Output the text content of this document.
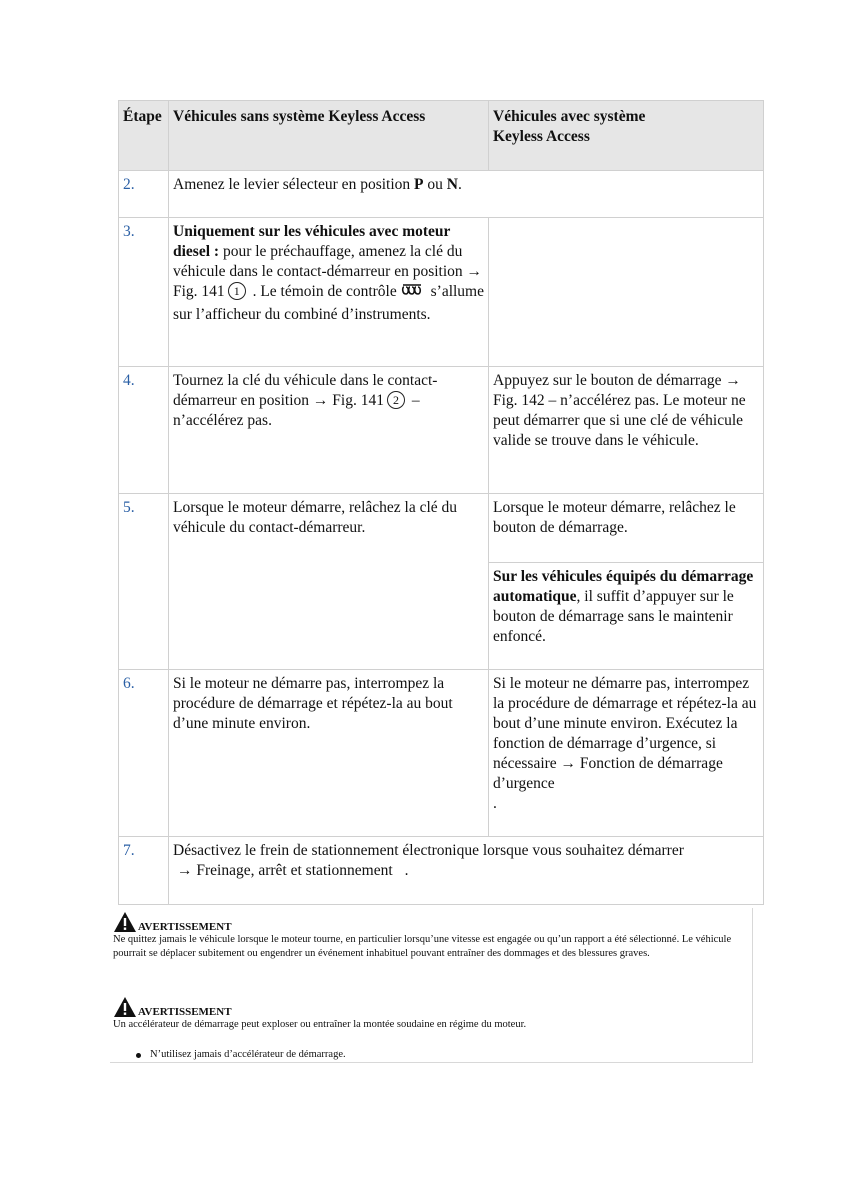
Étape	Véhicules sans système Keyless Access	Véhicules avec système
Keyless Access
2.	Amenez le levier sélecteur en position P ou N.	
3.	Uniquement sur les véhicules avec moteur diesel : pour le préchauffage, amenez la clé du véhicule dans le contact-démarreur en position → Fig. 141 1 . Le témoin de contrôle s’allume sur l’afficheur du combiné d’instruments.	
4.	Tournez la clé du véhicule dans le contact-démarreur en position → Fig. 141 2 – n’accélérez pas.	Appuyez sur le bouton de démarrage → Fig. 142 – n’accélérez pas. Le moteur ne peut démarrer que si une clé de véhicule valide se trouve dans le véhicule.
5.	Lorsque le moteur démarre, relâchez la clé du véhicule du contact-démarreur.	Lorsque le moteur démarre, relâchez le bouton de démarrage.
		Sur les véhicules équipés du démarrage automatique, il suffit d’appuyer sur le bouton de démarrage sans le maintenir enfoncé.
6.	Si le moteur ne démarre pas, interrompez la procédure de démarrage et répétez-la au bout d’une minute environ.	Si le moteur ne démarre pas, interrompez la procédure de démarrage et répétez-la au bout d’une minute environ. Exécutez la fonction de démarrage d’urgence, si nécessaire → Fonction de démarrage d’urgence
.
7.	Désactivez le frein de stationnement électronique lorsque vous souhaitez démarrer
→ Freinage, arrêt et stationnement .	
AVERTISSEMENT

Ne quittez jamais le véhicule lorsque le moteur tourne, en particulier lorsqu’une vitesse est engagée ou qu’un rapport a été sélectionné. Le véhicule pourrait se déplacer subitement ou engendrer un événement inhabituel pouvant entraîner des dommages et des blessures graves.

AVERTISSEMENT

Un accélérateur de démarrage peut exploser ou entraîner la montée soudaine en régime du moteur.

N’utilisez jamais d’accélérateur de démarrage.
